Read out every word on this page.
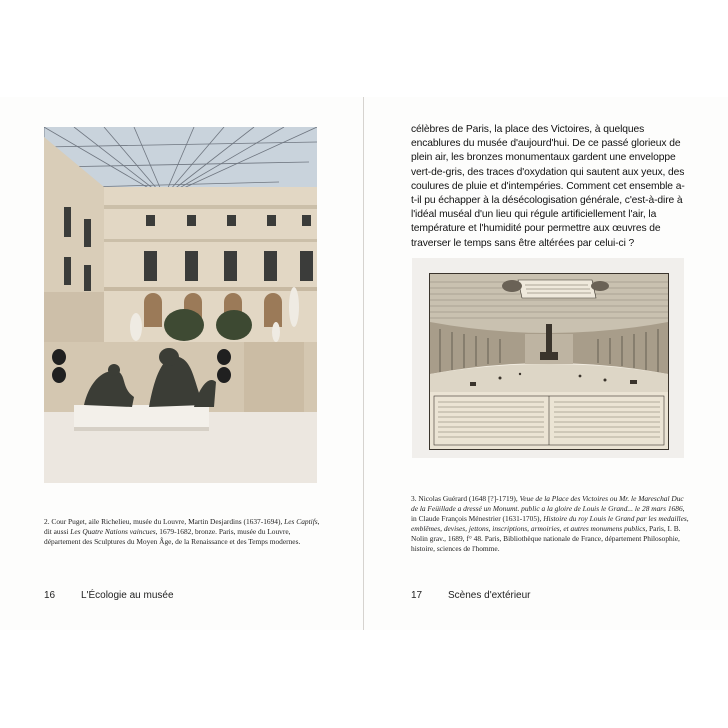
2. Cour Puget, aile Richelieu, musée du Louvre, Martin Desjardins (1637-1694), Les Captifs, dit aussi Les Quatre Nations vaincues, 1679-1682, bronze. Paris, musée du Louvre, département des Sculptures du Moyen Âge, de la Renaissance et des Temps modernes.
16	L'Écologie au musée
célèbres de Paris, la place des Victoires, à quelques encablures du musée d'aujourd'hui. De ce passé glorieux de plein air, les bronzes monumentaux gardent une enveloppe vert-de-gris, des traces d'oxydation qui sautent aux yeux, des coulures de pluie et d'intempéries. Comment cet ensemble a-t-il pu échapper à la désécologisation générale, c'est-à-dire à l'idéal muséal d'un lieu qui régule artificiellement l'air, la température et l'humidité pour permettre aux œuvres de traverser le temps sans être altérées par celui-ci ?
3. Nicolas Guérard (1648 [?]-1719), Veue de la Place des Victoires ou Mr. le Mareschal Duc de la Feüillade a dressé un Monumt. public a la gloire de Louis le Grand... le 28 mars 1686, in Claude François Ménestrier (1631-1705), Histoire du roy Louis le Grand par les medailles, emblêmes, devises, jettons, inscriptions, armoiries, et autres monumens publics, Paris, I. B. Nolin grav., 1689, f° 48. Paris, Bibliothèque nationale de France, département Philosophie, histoire, sciences de l'homme.
17	Scènes d'extérieur
